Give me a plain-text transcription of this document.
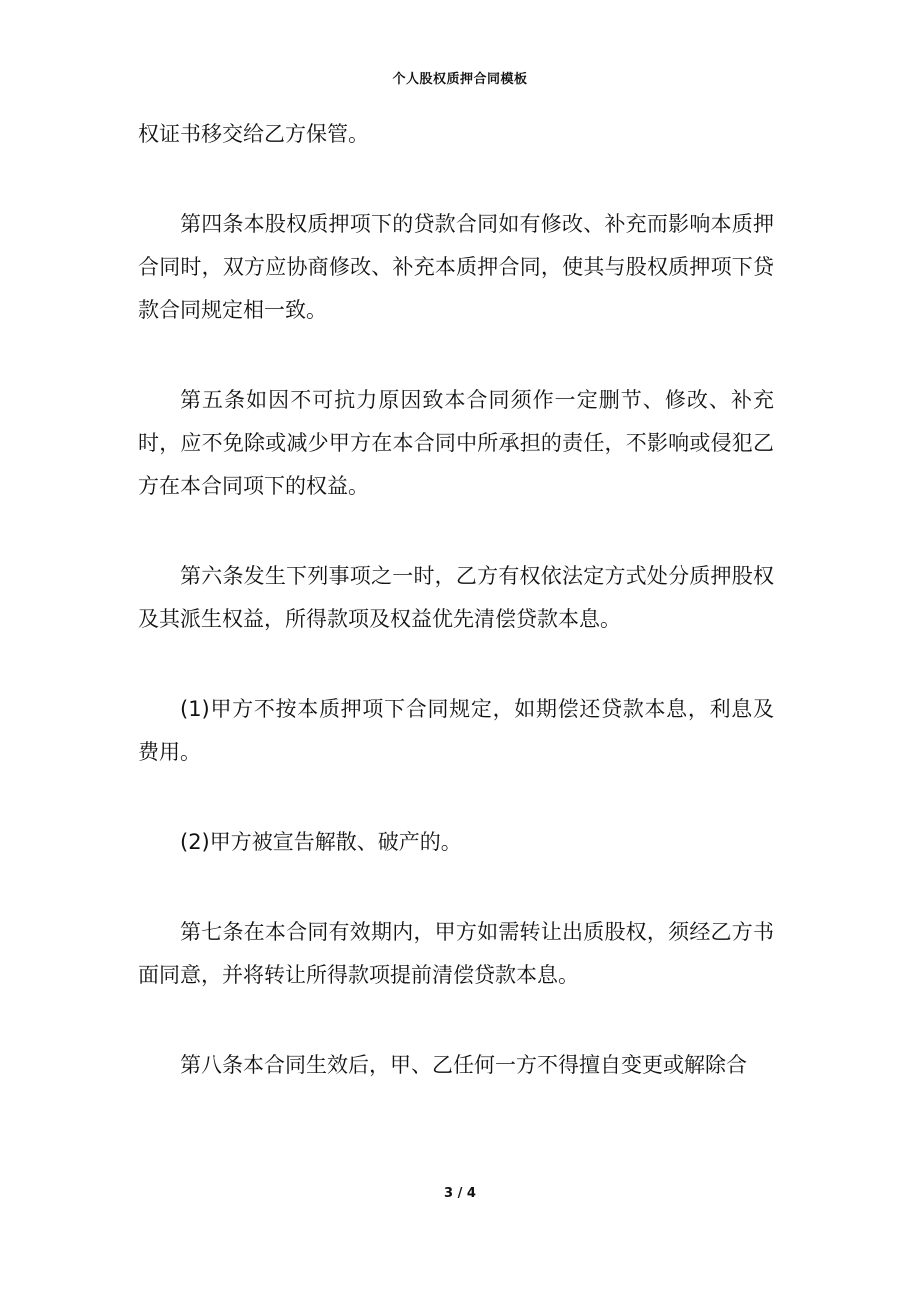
个人股权质押合同模板

权证书移交给乙方保管。

第四条本股权质押项下的贷款合同如有修改、补充而影响本质押合同时，双方应协商修改、补充本质押合同，使其与股权质押项下贷款合同规定相一致。

第五条如因不可抗力原因致本合同须作一定删节、修改、补充时，应不免除或减少甲方在本合同中所承担的责任，不影响或侵犯乙方在本合同项下的权益。

第六条发生下列事项之一时，乙方有权依法定方式处分质押股权及其派生权益，所得款项及权益优先清偿贷款本息。

(1)甲方不按本质押项下合同规定，如期偿还贷款本息，利息及费用。

(2)甲方被宣告解散、破产的。

第七条在本合同有效期内，甲方如需转让出质股权，须经乙方书面同意，并将转让所得款项提前清偿贷款本息。

第八条本合同生效后，甲、乙任何一方不得擅自变更或解除合

3 / 4
